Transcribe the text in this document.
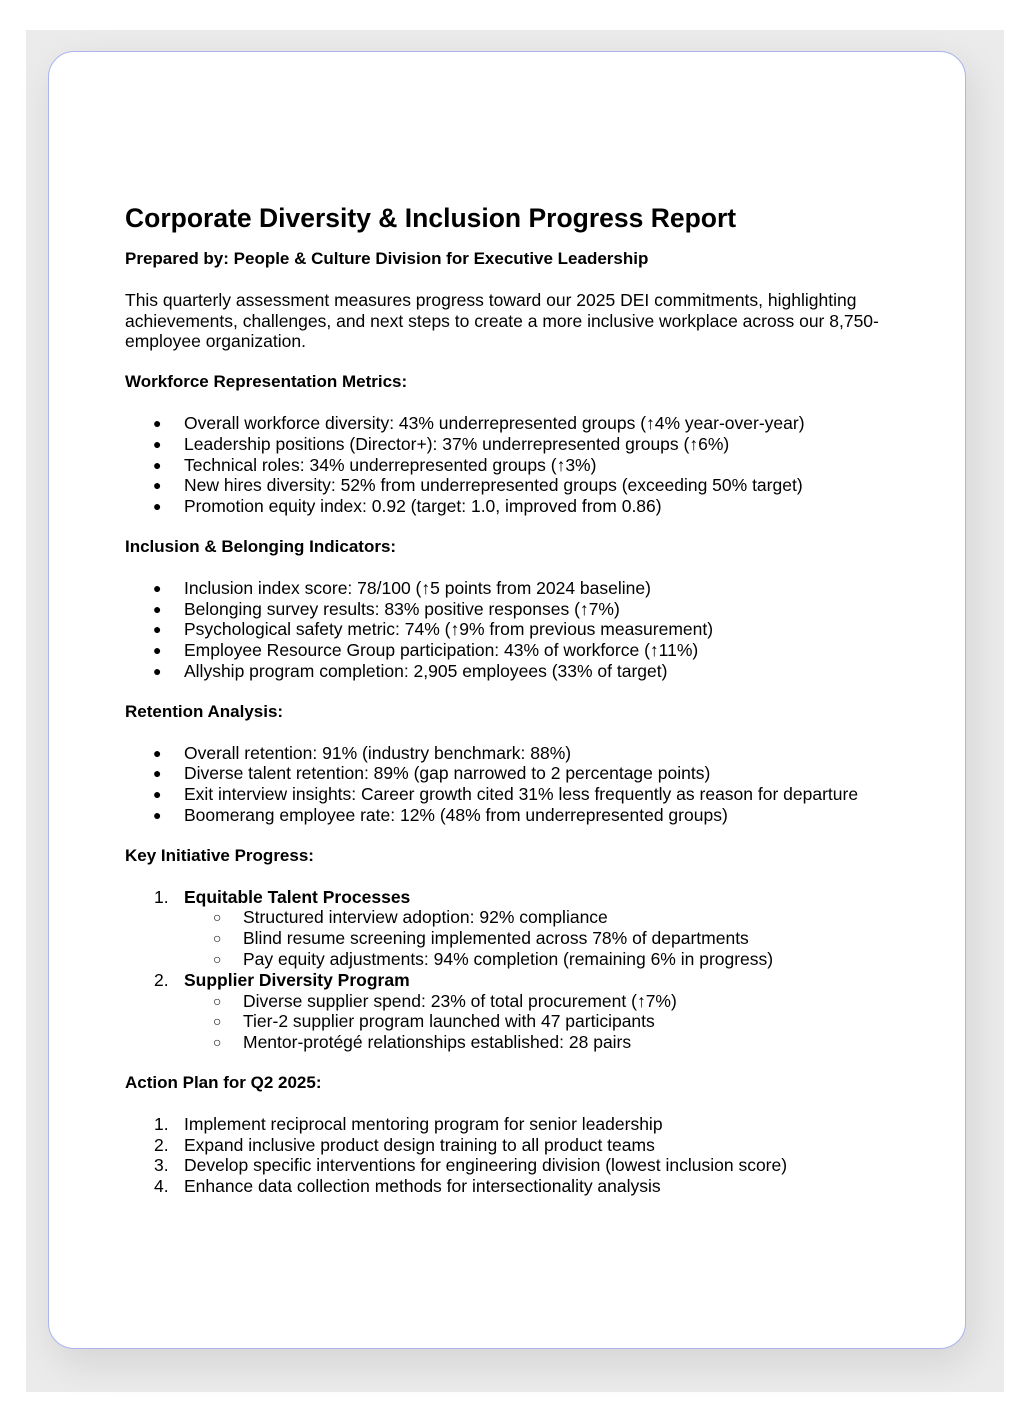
Corporate Diversity & Inclusion Progress Report

Prepared by: People & Culture Division for Executive Leadership

This quarterly assessment measures progress toward our 2025 DEI commitments, highlighting achievements, challenges, and next steps to create a more inclusive workplace across our 8,750-employee organization.

Workforce Representation Metrics:

● Overall workforce diversity: 43% underrepresented groups (↑4% year-over-year)
● Leadership positions (Director+): 37% underrepresented groups (↑6%)
● Technical roles: 34% underrepresented groups (↑3%)
● New hires diversity: 52% from underrepresented groups (exceeding 50% target)
● Promotion equity index: 0.92 (target: 1.0, improved from 0.86)

Inclusion & Belonging Indicators:

● Inclusion index score: 78/100 (↑5 points from 2024 baseline)
● Belonging survey results: 83% positive responses (↑7%)
● Psychological safety metric: 74% (↑9% from previous measurement)
● Employee Resource Group participation: 43% of workforce (↑11%)
● Allyship program completion: 2,905 employees (33% of target)

Retention Analysis:

● Overall retention: 91% (industry benchmark: 88%)
● Diverse talent retention: 89% (gap narrowed to 2 percentage points)
● Exit interview insights: Career growth cited 31% less frequently as reason for departure
● Boomerang employee rate: 12% (48% from underrepresented groups)

Key Initiative Progress:

1. Equitable Talent Processes
○ Structured interview adoption: 92% compliance
○ Blind resume screening implemented across 78% of departments
○ Pay equity adjustments: 94% completion (remaining 6% in progress)
2. Supplier Diversity Program
○ Diverse supplier spend: 23% of total procurement (↑7%)
○ Tier-2 supplier program launched with 47 participants
○ Mentor-protégé relationships established: 28 pairs

Action Plan for Q2 2025:

1. Implement reciprocal mentoring program for senior leadership
2. Expand inclusive product design training to all product teams
3. Develop specific interventions for engineering division (lowest inclusion score)
4. Enhance data collection methods for intersectionality analysis
